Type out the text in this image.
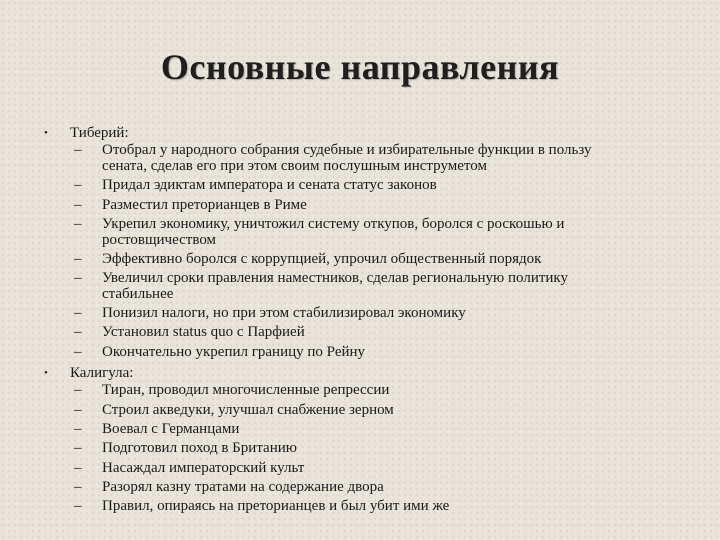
Основные направления
• Тиберий:
– Отобрал у народного собрания судебные и избирательные функции в пользу сената, сделав его при этом своим послушным инструметом
– Придал эдиктам императора и сената статус законов
– Разместил преторианцев в Риме
– Укрепил экономику, уничтожил систему откупов, боролся с роскошью и ростовщичеством
– Эффективно боролся с коррупцией, упрочил общественный порядок
– Увеличил сроки правления наместников, сделав региональную политику стабильнее
– Понизил налоги, но при этом стабилизировал экономику
– Установил status quo с Парфией
– Окончательно укрепил границу по Рейну
• Калигула:
– Тиран, проводил многочисленные репрессии
– Строил акведуки, улучшал снабжение зерном
– Воевал с Германцами
– Подготовил поход в Британию
– Насаждал императорский культ
– Разорял казну тратами на содержание двора
– Правил, опираясь на преторианцев и был убит ими же
